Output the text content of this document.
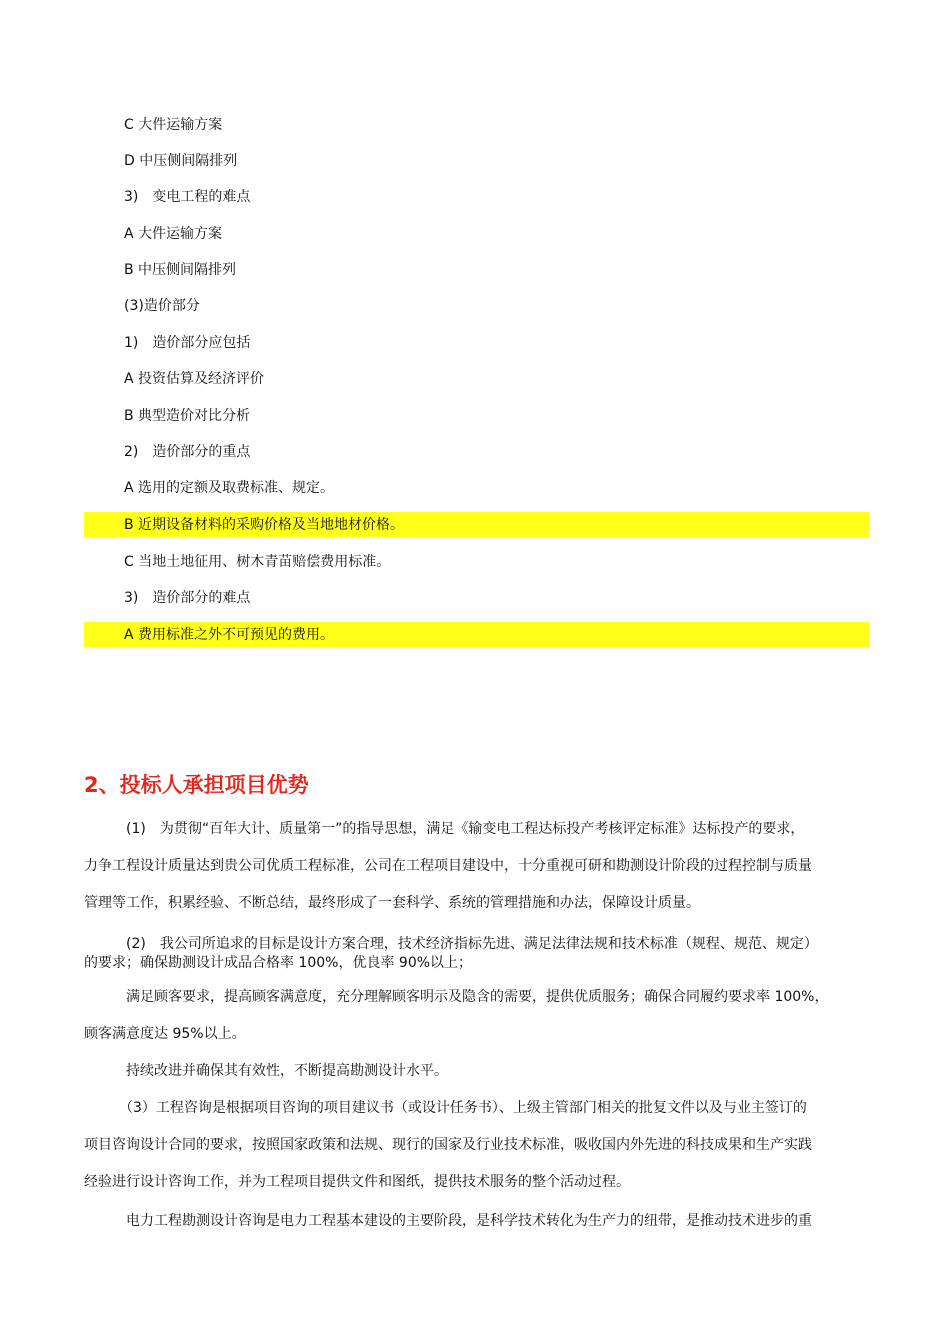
C 大件运输方案
D 中压侧间隔排列
3)　变电工程的难点
A 大件运输方案
B 中压侧间隔排列
(3)造价部分
1)　造价部分应包括
A 投资估算及经济评价
B 典型造价对比分析
2)　造价部分的重点
A 选用的定额及取费标准、规定。
B 近期设备材料的采购价格及当地地材价格。
C 当地土地征用、树木青苗赔偿费用标准。
3)　造价部分的难点
A 费用标准之外不可预见的费用。
2、投标人承担项目优势
　　　(1)　为贯彻“百年大计、质量第一”的指导思想，满足《输变电工程达标投产考核评定标准》达标投产的要求，
力争工程设计质量达到贵公司优质工程标准，公司在工程项目建设中，十分重视可研和勘测设计阶段的过程控制与质量
管理等工作，积累经验、不断总结，最终形成了一套科学、系统的管理措施和办法，保障设计质量。
　　　(2)　我公司所追求的目标是设计方案合理，技术经济指标先进、满足法律法规和技术标准（规程、规范、规定）
的要求；确保勘测设计成品合格率 100%，优良率 90%以上；
　　　满足顾客要求，提高顾客满意度，充分理解顾客明示及隐含的需要，提供优质服务；确保合同履约要求率 100%，
顾客满意度达 95%以上。
　　　持续改进并确保其有效性，不断提高勘测设计水平。
　　　（3）工程咨询是根据项目咨询的项目建议书（或设计任务书）、上级主管部门相关的批复文件以及与业主签订的
项目咨询设计合同的要求，按照国家政策和法规、现行的国家及行业技术标准，吸收国内外先进的科技成果和生产实践
经验进行设计咨询工作，并为工程项目提供文件和图纸，提供技术服务的整个活动过程。
　　　电力工程勘测设计咨询是电力工程基本建设的主要阶段，是科学技术转化为生产力的纽带，是推动技术进步的重
